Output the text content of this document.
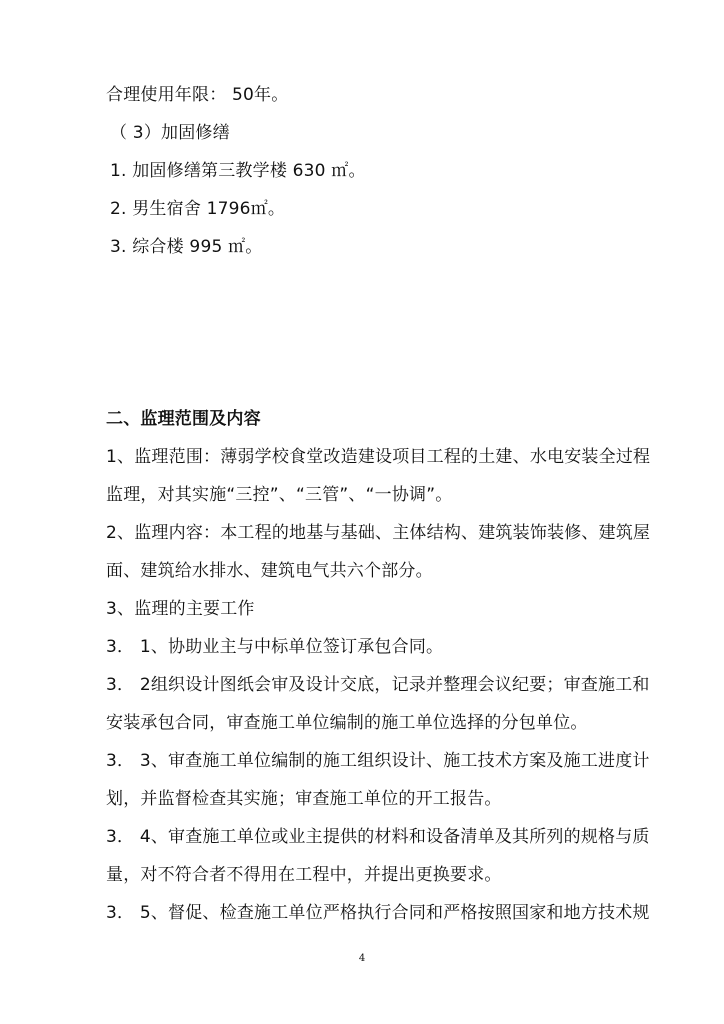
合理使用年限： 50年。
（ 3）加固修缮
1. 加固修缮第三教学楼 630 ㎡。
2. 男生宿舍 1796㎡。
3. 综合楼 995 ㎡。
二、监理范围及内容
1、监理范围：薄弱学校食堂改造建设项目工程的土建、水电安装全过程
监理，对其实施“三控”、“三管”、“一协调”。
2、监理内容：本工程的地基与基础、主体结构、建筑装饰装修、建筑屋
面、建筑给水排水、建筑电气共六个部分。
3、监理的主要工作
3． 1、协助业主与中标单位签订承包合同。
3． 2组织设计图纸会审及设计交底，记录并整理会议纪要；审查施工和
安装承包合同，审查施工单位编制的施工单位选择的分包单位。
3． 3、审查施工单位编制的施工组织设计、施工技术方案及施工进度计
划，并监督检查其实施；审查施工单位的开工报告。
3． 4、审查施工单位或业主提供的材料和设备清单及其所列的规格与质
量，对不符合者不得用在工程中，并提出更换要求。
3． 5、督促、检查施工单位严格执行合同和严格按照国家和地方技术规
4
